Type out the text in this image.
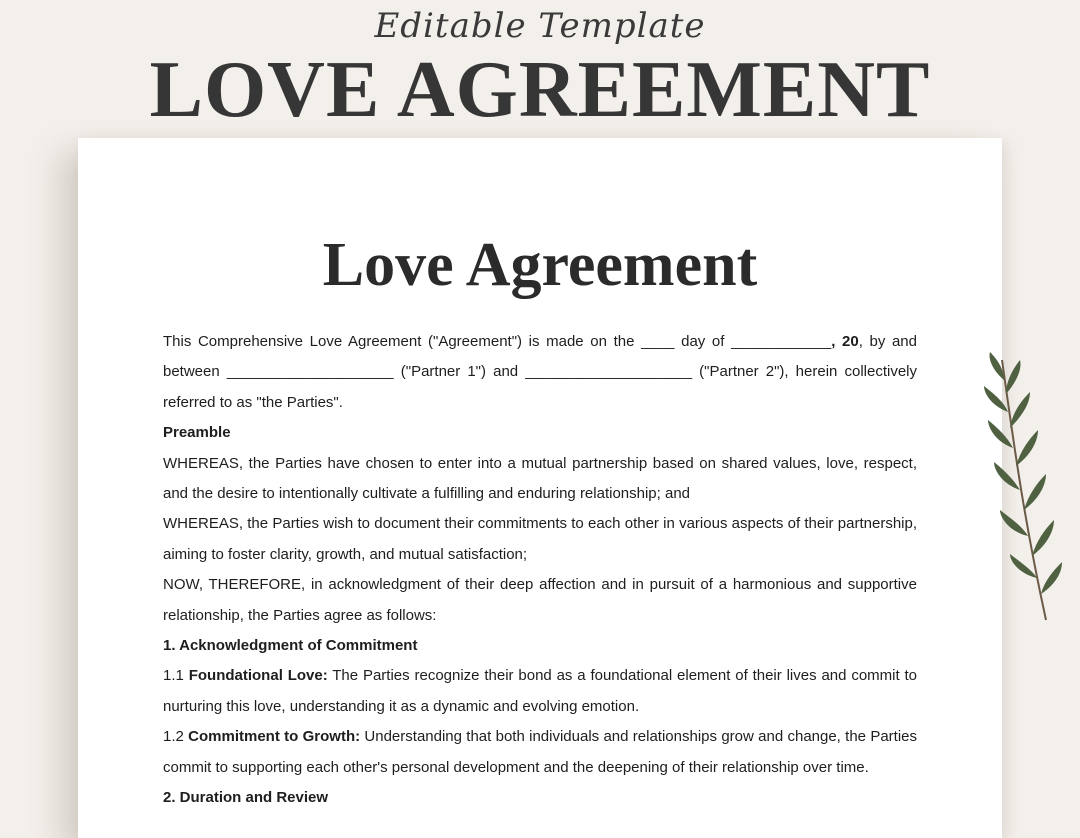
Editable Template
LOVE AGREEMENT
Love Agreement

This Comprehensive Love Agreement ("Agreement") is made on the ____ day of ____________, 20, by and between ____________________ ("Partner 1") and ____________________ ("Partner 2"), herein collectively referred to as "the Parties".

Preamble

WHEREAS, the Parties have chosen to enter into a mutual partnership based on shared values, love, respect, and the desire to intentionally cultivate a fulfilling and enduring relationship; and

WHEREAS, the Parties wish to document their commitments to each other in various aspects of their partnership, aiming to foster clarity, growth, and mutual satisfaction;

NOW, THEREFORE, in acknowledgment of their deep affection and in pursuit of a harmonious and supportive relationship, the Parties agree as follows:

1. Acknowledgment of Commitment

1.1 Foundational Love: The Parties recognize their bond as a foundational element of their lives and commit to nurturing this love, understanding it as a dynamic and evolving emotion.

1.2 Commitment to Growth: Understanding that both individuals and relationships grow and change, the Parties commit to supporting each other's personal development and the deepening of their relationship over time.

2. Duration and Review
